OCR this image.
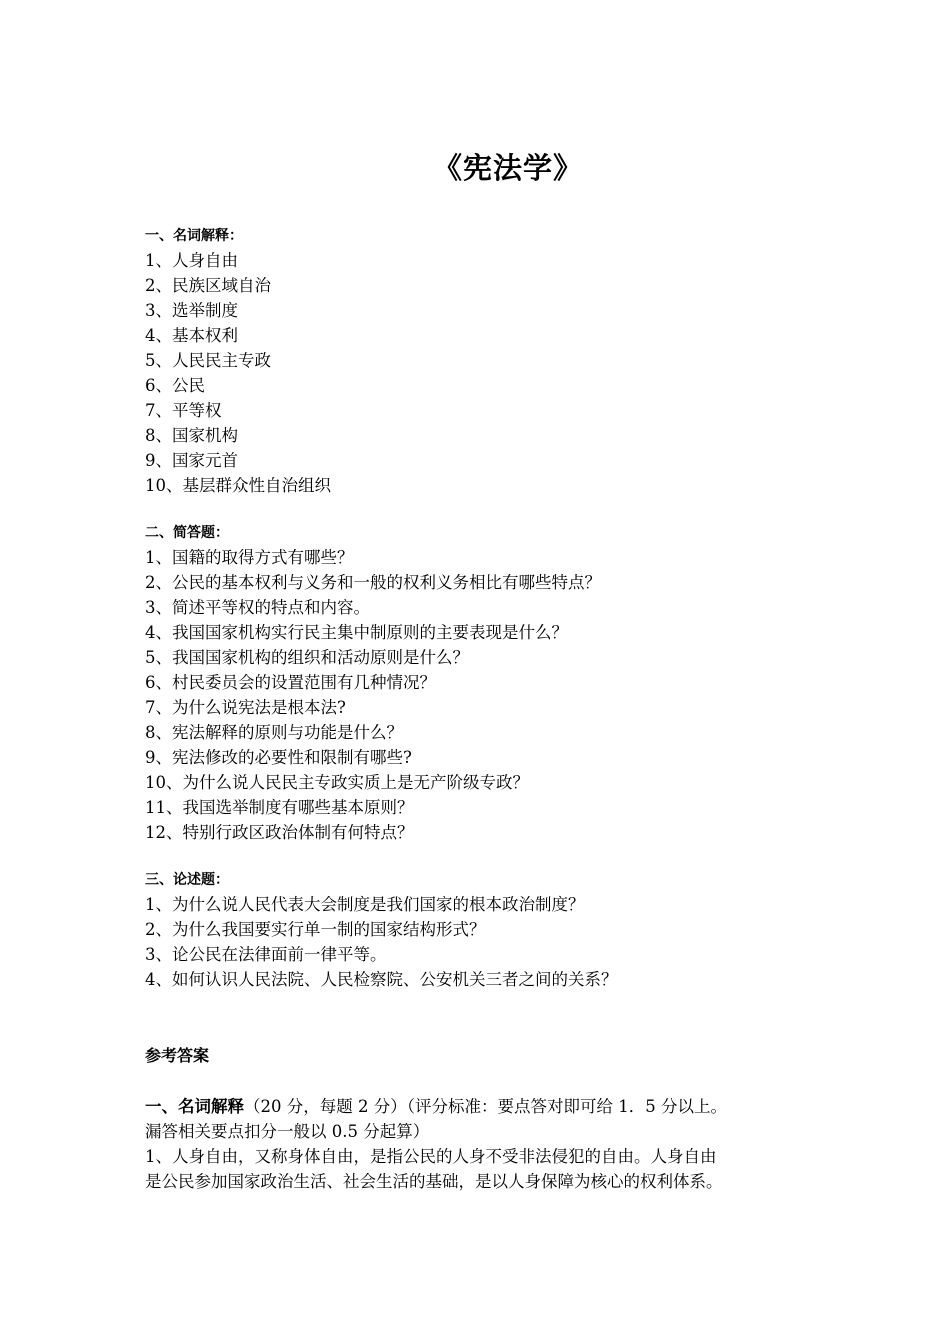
《宪法学》
一、名词解释：
1、人身自由
2、民族区域自治
3、选举制度
4、基本权利
5、人民民主专政
6、公民
7、平等权
8、国家机构
9、国家元首
10、基层群众性自治组织
二、简答题：
1、国籍的取得方式有哪些？
2、公民的基本权利与义务和一般的权利义务相比有哪些特点？
3、简述平等权的特点和内容。
4、我国国家机构实行民主集中制原则的主要表现是什么？
5、我国国家机构的组织和活动原则是什么？
6、村民委员会的设置范围有几种情况？
7、为什么说宪法是根本法?
8、宪法解释的原则与功能是什么？
9、宪法修改的必要性和限制有哪些?
10、为什么说人民民主专政实质上是无产阶级专政？
11、我国选举制度有哪些基本原则？
12、特别行政区政治体制有何特点？
三、论述题：
1、为什么说人民代表大会制度是我们国家的根本政治制度？
2、为什么我国要实行单一制的国家结构形式？
3、论公民在法律面前一律平等。
4、如何认识人民法院、人民检察院、公安机关三者之间的关系？
参考答案
一、名词解释（20 分，每题 2 分）（评分标准：要点答对即可给 1．5 分以上。
漏答相关要点扣分一般以 0.5 分起算）
1、人身自由，又称身体自由，是指公民的人身不受非法侵犯的自由。人身自由
是公民参加国家政治生活、社会生活的基础，是以人身保障为核心的权利体系。
